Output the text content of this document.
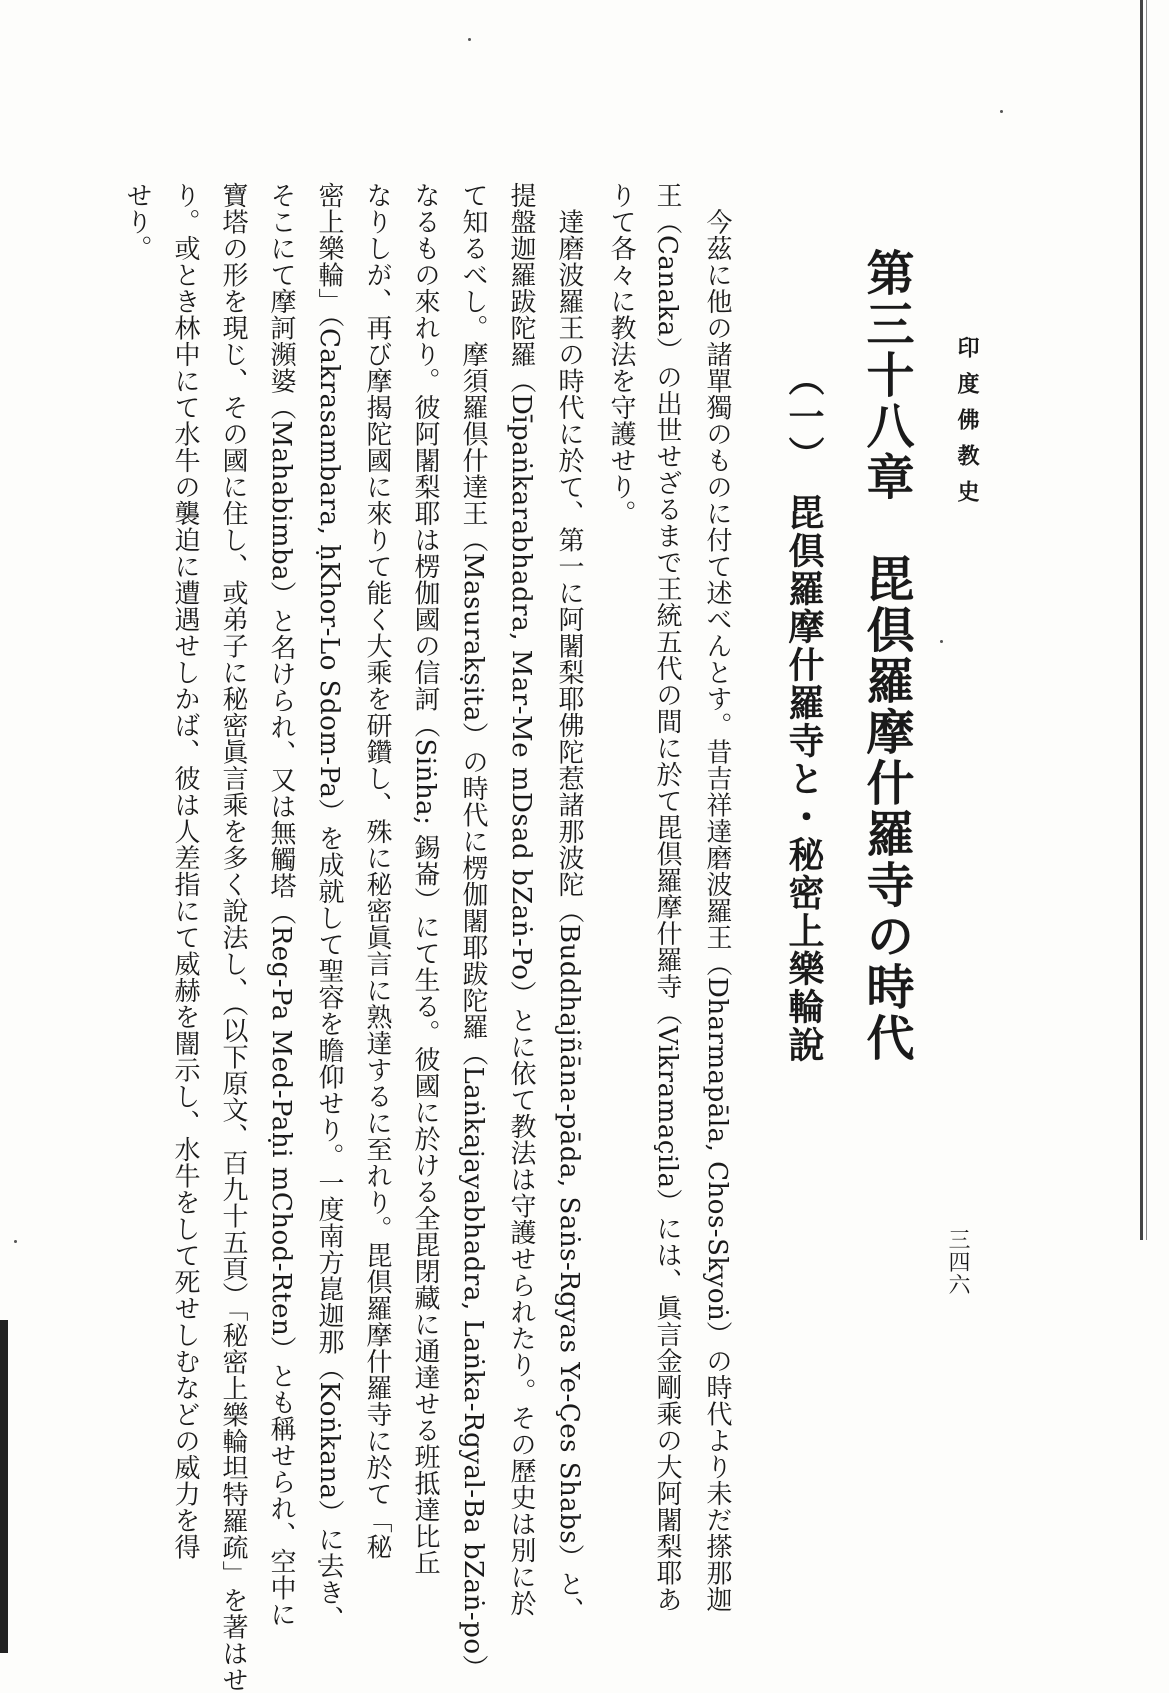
印度佛教史
三四六
第三十八章　毘倶羅摩什羅寺の時代
（一）　毘倶羅摩什羅寺と・秘密上樂輪說
　今茲に他の諸單獨のものに付て述べんとす。昔吉祥達磨波羅王（Dharmapāla, Chos-Skyoṅ）の時代より未だ搽那迦
王（Canaka）の出世せざるまで王統五代の間に於て毘倶羅摩什羅寺（Vikramaçila）には、眞言金剛乘の大阿闍梨耶あ
りて各々に教法を守護せり。
　達磨波羅王の時代に於て、第一に阿闍梨耶佛陀惹諸那波陀（Buddhajñāna-pāda, Saṅs-Rgyas Ye-Çes Shabs）と、
提盤迦羅跋陀羅（Dīpaṅkarabhadra, Mar-Me mDsad bZaṅ-Po）とに依て教法は守護せられたり。その歷史は別に於
て知るべし。摩須羅倶什達王（Masurakṣita）の時代に楞伽闍耶跋陀羅（Laṅkajayabhadra, Laṅka-Rgyal-Ba bZaṅ-po）
なるもの來れり。彼阿闍梨耶は楞伽國の信訶（Siṅha; 錫崙）にて生る。彼國に於ける全毘閉藏に通達せる班抵達比丘
なりしが、再び摩揭陀國に來りて能く大乘を研鑽し、殊に秘密眞言に熟達するに至れり。毘倶羅摩什羅寺に於て「秘
密上樂輪」（Cakrasambara, ḥKhor-Lo Sdom-Pa）を成就して聖容を瞻仰せり。一度南方崑迦那（Koṅkana）に去き、
そこにて摩訶瀕婆（Mahabimba）と名けられ、又は無觸塔（Reg-Pa Med-Paḥi mChod-Rten）とも稱せられ、空中に
寶塔の形を現じ、その國に住し、或弟子に秘密眞言乘を多く說法し、（以下原文、百九十五頁）「秘密上樂輪坦特羅疏」を著はせ
り。或とき林中にて水牛の襲迫に遭遇せしかば、彼は人差指にて威赫を闇示し、水牛をして死せしむなどの威力を得
せり。
